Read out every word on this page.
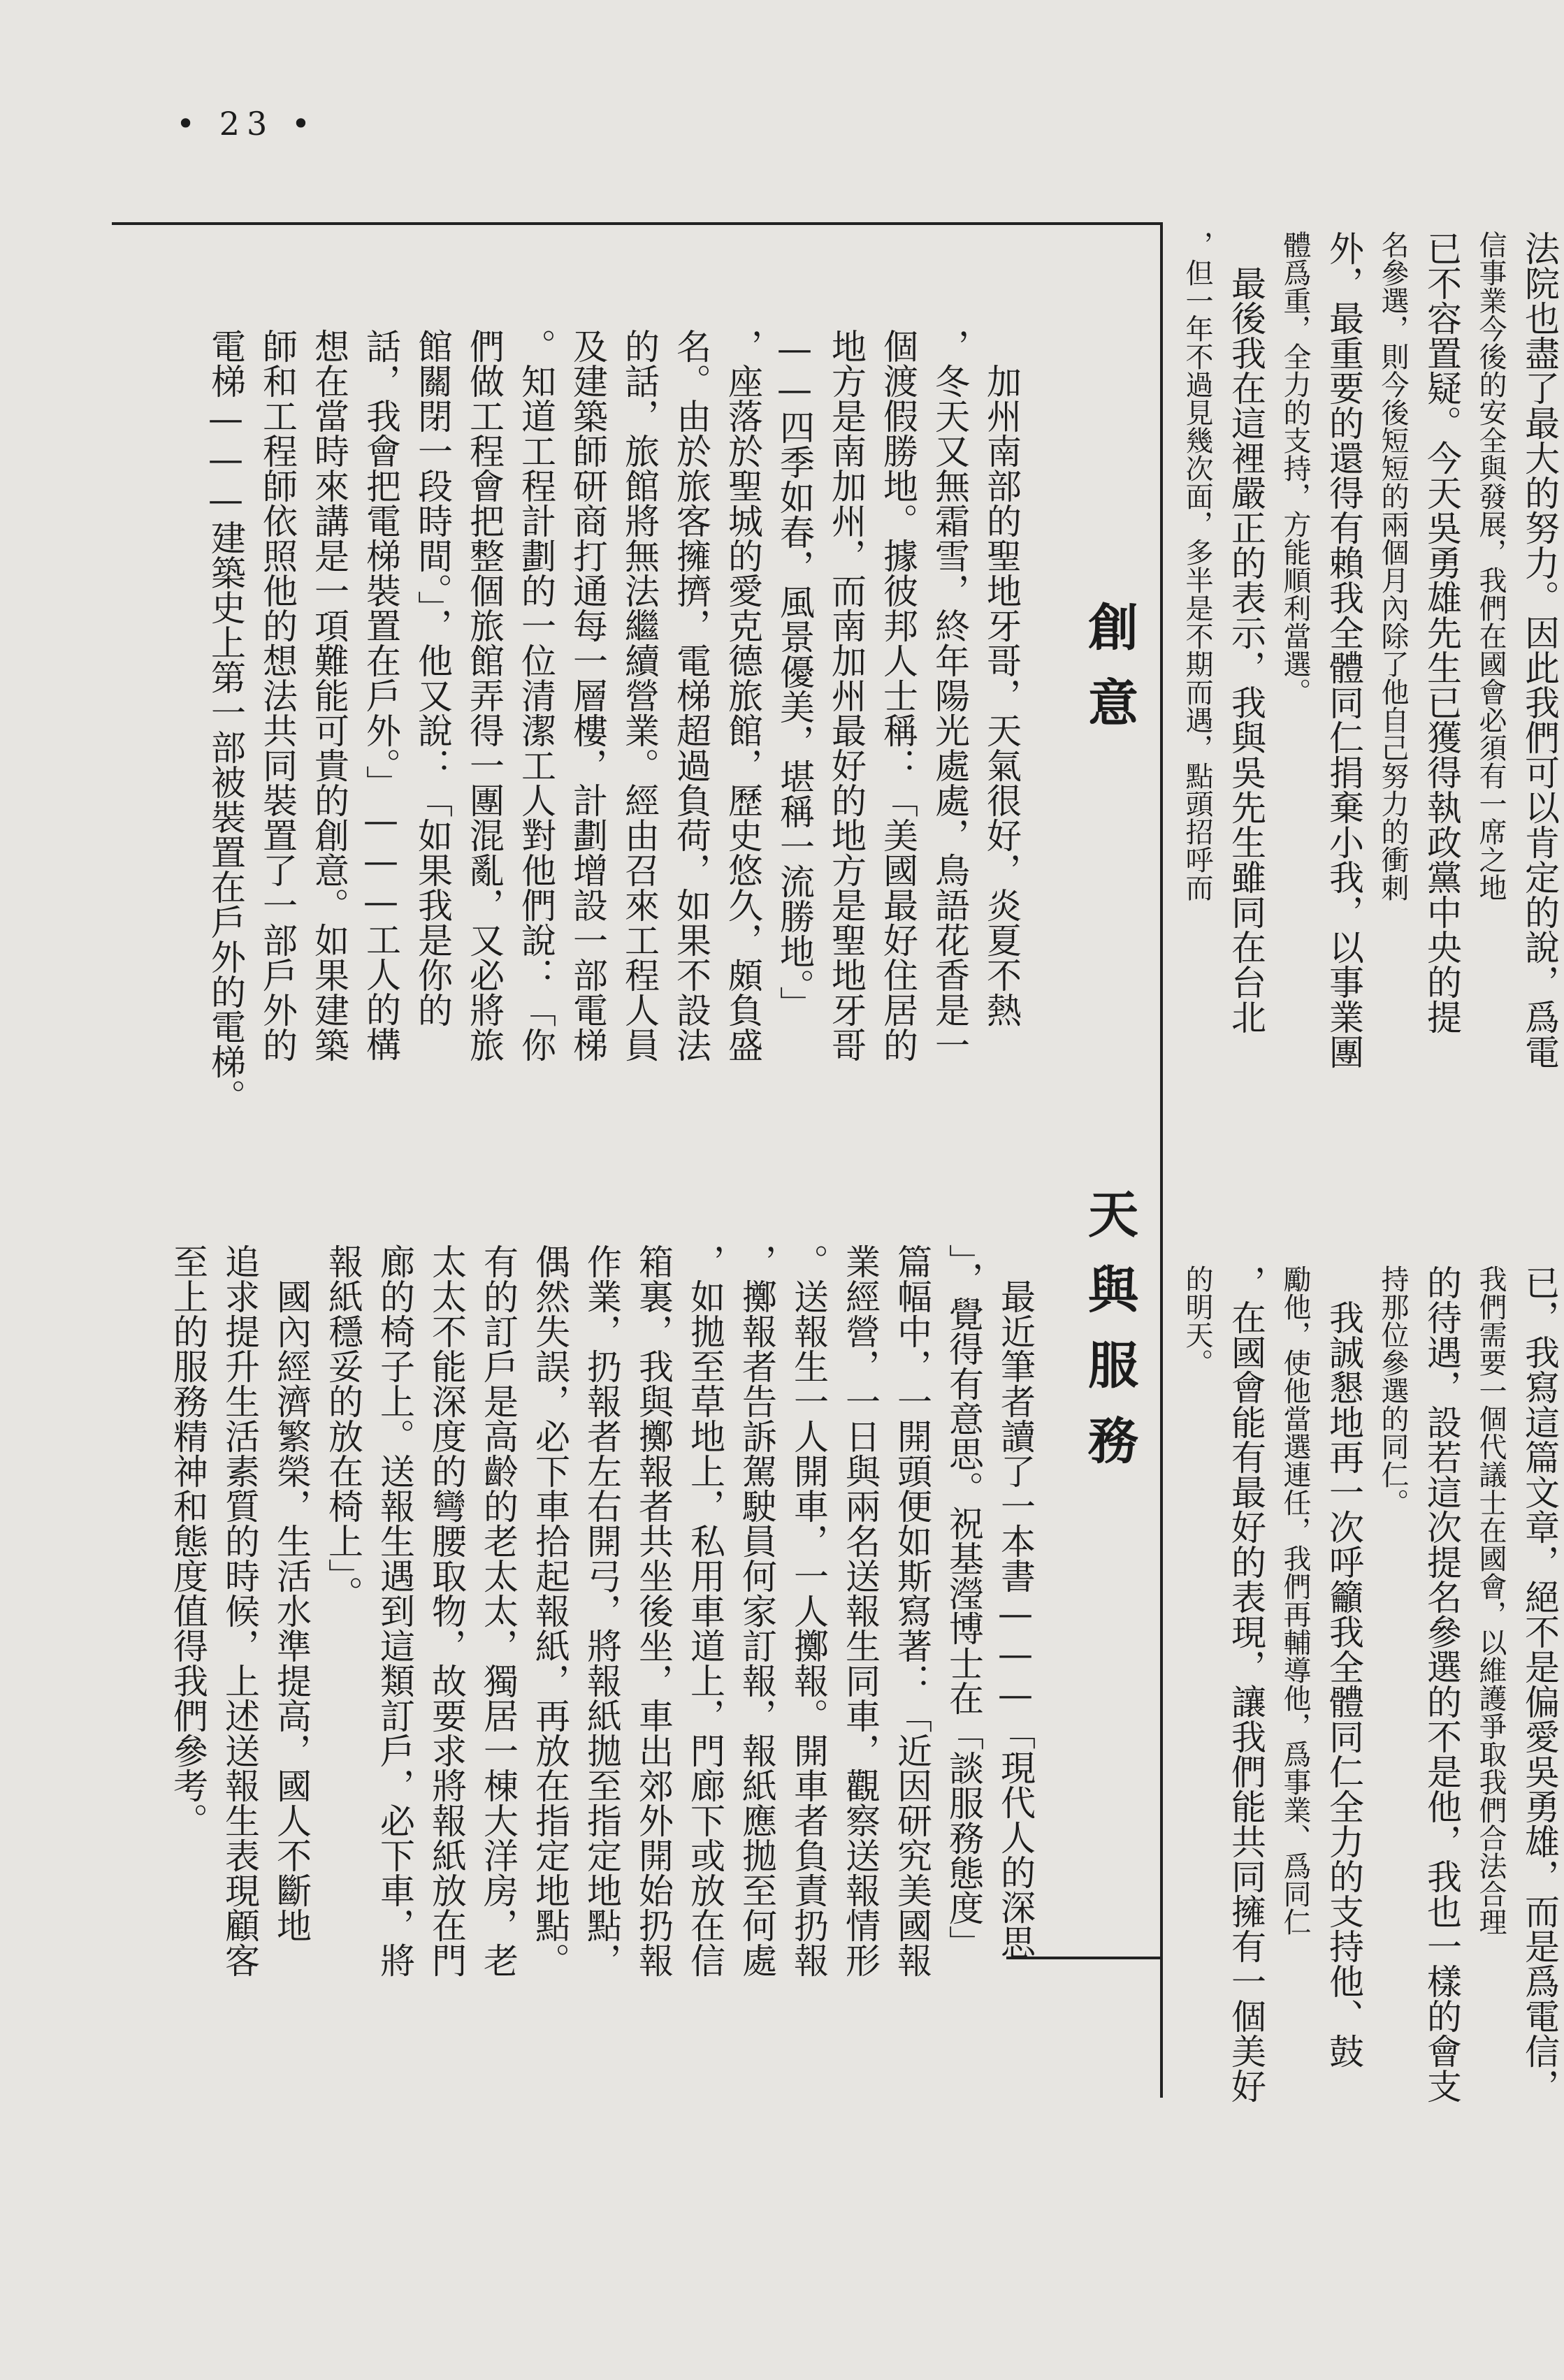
• 23 •
法院也盡了最大的努力。因此我們可以肯定的說，爲電
信事業今後的安全與發展，我們在國會必須有一席之地
已不容置疑。今天吳勇雄先生已獲得執政黨中央的提
名參選，則今後短短的兩個月內除了他自己努力的衝刺
外，最重要的還得有賴我全體同仁捐棄小我，以事業團
體爲重，全力的支持，方能順利當選。
　最後我在這裡嚴正的表示，我與吳先生雖同在台北
，但一年不過見幾次面，多半是不期而遇，點頭招呼而
已，我寫這篇文章，絕不是偏愛吳勇雄，而是爲電信，
我們需要一個代議士在國會，以維護爭取我們合法合理
的待遇，設若這次提名參選的不是他，我也一樣的會支
持那位參選的同仁。
　我誠懇地再一次呼籲我全體同仁全力的支持他、鼓
勵他，使他當選連任，我們再輔導他，爲事業、爲同仁
，在國會能有最好的表現，讓我們能共同擁有一個美好
的明天。
創意
　加州南部的聖地牙哥，天氣很好，炎夏不熱
，冬天又無霜雪，終年陽光處處，鳥語花香是一
個渡假勝地。據彼邦人士稱：「美國最好住居的
地方是南加州，而南加州最好的地方是聖地牙哥
——四季如春，風景優美，堪稱一流勝地。」
，座落於聖城的愛克德旅館，歷史悠久，頗負盛
名。由於旅客擁擠，電梯超過負荷，如果不設法
的話，旅館將無法繼續營業。經由召來工程人員
及建築師研商打通每一層樓，計劃增設一部電梯
。知道工程計劃的一位清潔工人對他們說：「你
們做工程會把整個旅館弄得一團混亂，又必將旅
館關閉一段時間。」，他又說：「如果我是你的
話，我會把電梯裝置在戶外。」———工人的構
想在當時來講是一項難能可貴的創意。如果建築
師和工程師依照他的想法共同裝置了一部戶外的
電梯———建築史上第一部被裝置在戶外的電梯。
天與服務
　最近筆者讀了一本書———「現代人的深思
」，覺得有意思。祝基瀅博士在「談服務態度」
篇幅中，一開頭便如斯寫著：「近因研究美國報
業經營，一日與兩名送報生同車，觀察送報情形
。送報生一人開車，一人擲報。開車者負責扔報
，擲報者告訴駕駛員何家訂報，報紙應拋至何處
，如拋至草地上，私用車道上，門廊下或放在信
箱裏，我與擲報者共坐後坐，車出郊外開始扔報
作業，扔報者左右開弓，將報紙拋至指定地點，
偶然失誤，必下車拾起報紙，再放在指定地點。
有的訂戶是高齡的老太太，獨居一棟大洋房，老
太太不能深度的彎腰取物，故要求將報紙放在門
廊的椅子上。送報生遇到這類訂戶，必下車，將
報紙穩妥的放在椅上」。
　國內經濟繁榮，生活水準提高，國人不斷地
追求提升生活素質的時候，上述送報生表現顧客
至上的服務精神和態度值得我們參考。
